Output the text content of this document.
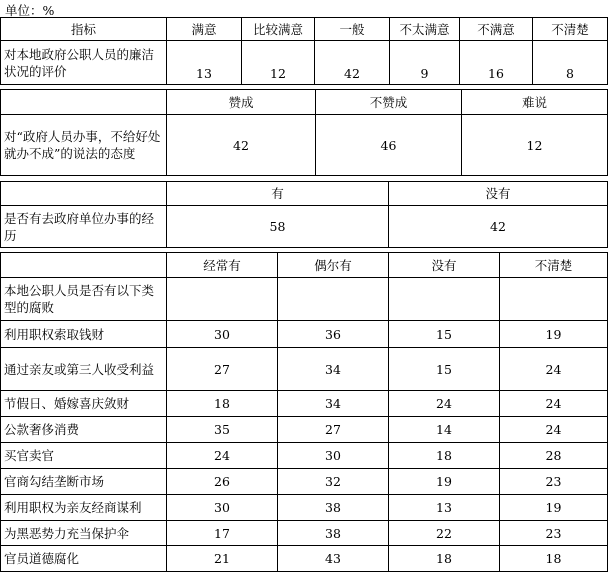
单位：%
指标	满意	比较满意	一般	不太满意	不满意	不清楚
对本地政府公职人员的廉洁状况的评价	13	12	42	9	16	8
	赞成	不赞成	难说
对“政府人员办事，不给好处就办不成”的说法的态度	42	46	12
	有	没有
是否有去政府单位办事的经历	58	42
	经常有	偶尔有	没有	不清楚
本地公职人员是否有以下类型的腐败				
利用职权索取钱财	30	36	15	19
通过亲友或第三人收受利益	27	34	15	24
节假日、婚嫁喜庆敛财	18	34	24	24
公款奢侈消费	35	27	14	24
买官卖官	24	30	18	28
官商勾结垄断市场	26	32	19	23
利用职权为亲友经商谋利	30	38	13	19
为黑恶势力充当保护伞	17	38	22	23
官员道德腐化	21	43	18	18
